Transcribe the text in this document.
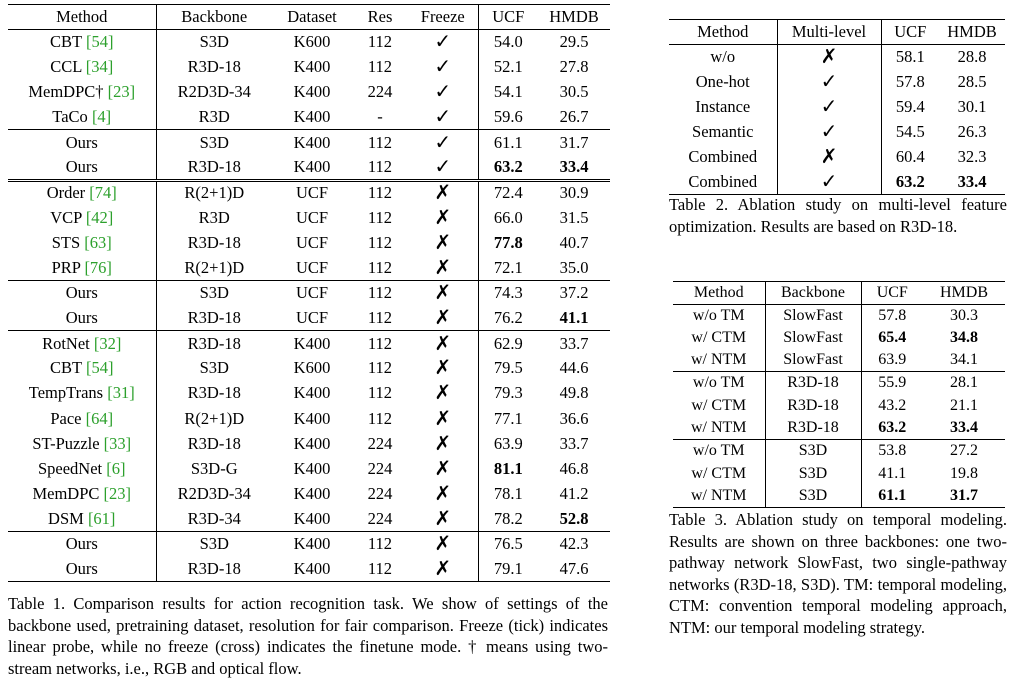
Method	Backbone	Dataset	Res	Freeze	UCF	HMDB
CBT [54]	S3D	K600	112	✓	54.0	29.5
CCL [34]	R3D-18	K400	112	✓	52.1	27.8
MemDPC† [23]	R2D3D-34	K400	224	✓	54.1	30.5
TaCo [4]	R3D	K400	-	✓	59.6	26.7
Ours	S3D	K400	112	✓	61.1	31.7
Ours	R3D-18	K400	112	✓	63.2	33.4
Order [74]	R(2+1)D	UCF	112	✗	72.4	30.9
VCP [42]	R3D	UCF	112	✗	66.0	31.5
STS [63]	R3D-18	UCF	112	✗	77.8	40.7
PRP [76]	R(2+1)D	UCF	112	✗	72.1	35.0
Ours	S3D	UCF	112	✗	74.3	37.2
Ours	R3D-18	UCF	112	✗	76.2	41.1
RotNet [32]	R3D-18	K400	112	✗	62.9	33.7
CBT [54]	S3D	K600	112	✗	79.5	44.6
TempTrans [31]	R3D-18	K400	112	✗	79.3	49.8
Pace [64]	R(2+1)D	K400	112	✗	77.1	36.6
ST-Puzzle [33]	R3D-18	K400	224	✗	63.9	33.7
SpeedNet [6]	S3D-G	K400	224	✗	81.1	46.8
MemDPC [23]	R2D3D-34	K400	224	✗	78.1	41.2
DSM [61]	R3D-34	K400	224	✗	78.2	52.8
Ours	S3D	K400	112	✗	76.5	42.3
Ours	R3D-18	K400	112	✗	79.1	47.6
Table 1. Comparison results for action recognition task. We show of settings of the backbone used, pretraining dataset, resolution for fair comparison. Freeze (tick) indicates linear probe, while no freeze (cross) indicates the finetune mode. † means using two-stream networks, i.e., RGB and optical flow.
Method	Multi-level	UCF	HMDB
w/o	✗	58.1	28.8
One-hot	✓	57.8	28.5
Instance	✓	59.4	30.1
Semantic	✓	54.5	26.3
Combined	✗	60.4	32.3
Combined	✓	63.2	33.4
Table 2. Ablation study on multi-level feature optimization. Results are based on R3D-18.
Method	Backbone	UCF	HMDB
w/o TM	SlowFast	57.8	30.3
w/ CTM	SlowFast	65.4	34.8
w/ NTM	SlowFast	63.9	34.1
w/o TM	R3D-18	55.9	28.1
w/ CTM	R3D-18	43.2	21.1
w/ NTM	R3D-18	63.2	33.4
w/o TM	S3D	53.8	27.2
w/ CTM	S3D	41.1	19.8
w/ NTM	S3D	61.1	31.7
Table 3. Ablation study on temporal modeling. Results are shown on three backbones: one two-pathway network SlowFast, two single-pathway networks (R3D-18, S3D). TM: temporal modeling, CTM: convention temporal modeling approach, NTM: our temporal modeling strategy.
